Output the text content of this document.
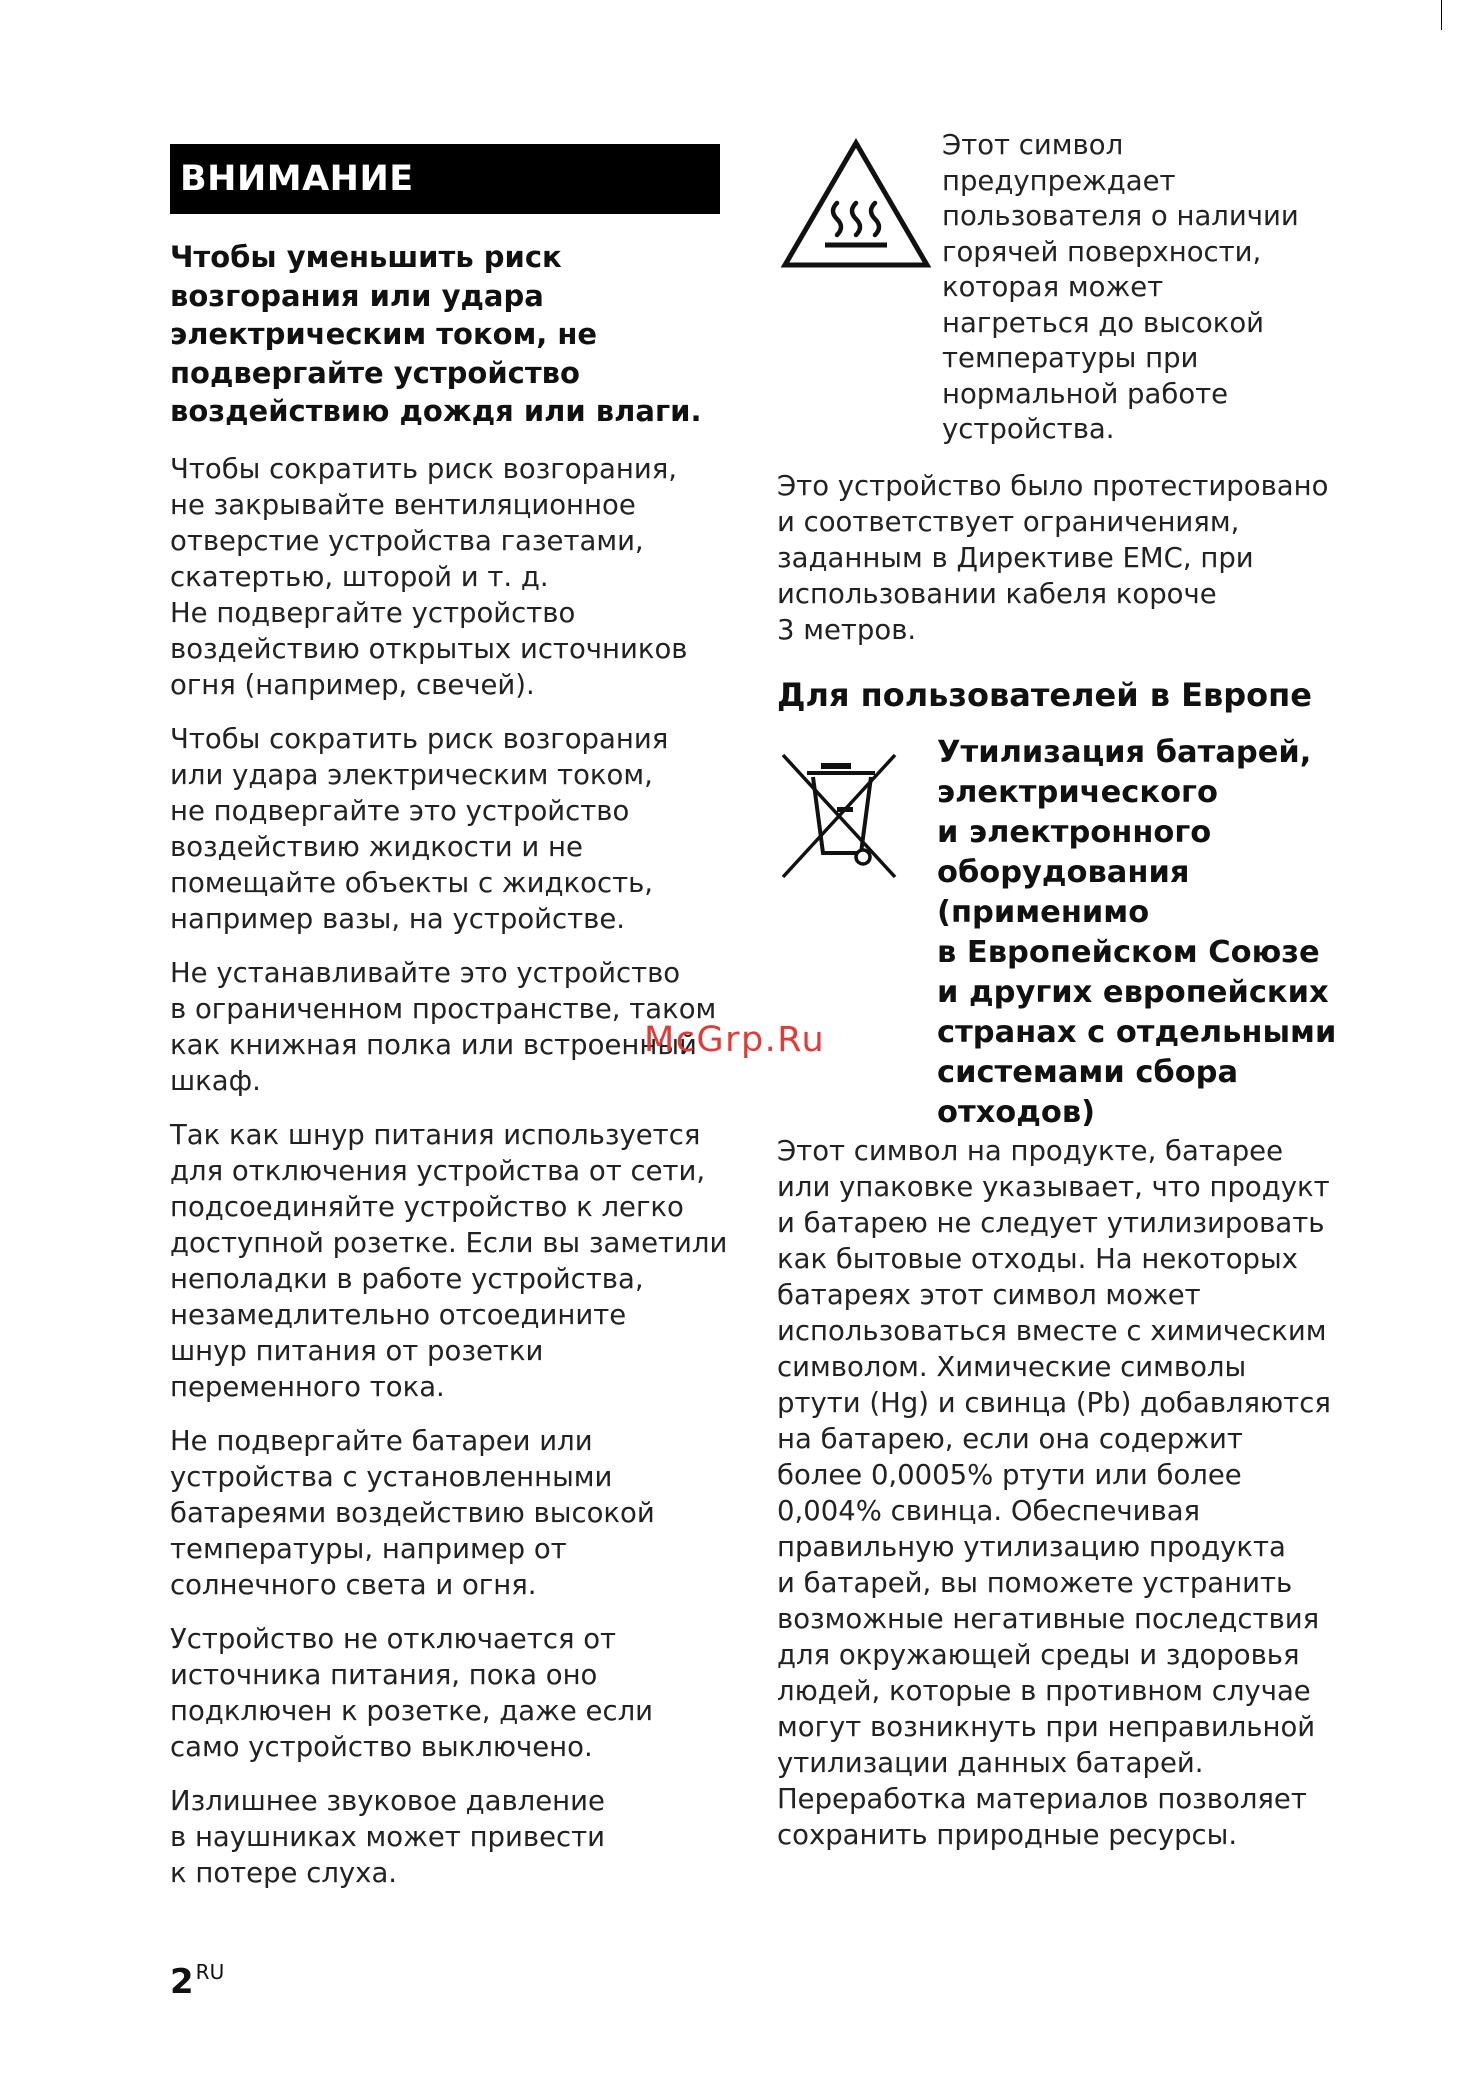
ВНИМАНИЕ
Чтобы уменьшить риск
возгорания или удара
электрическим током, не
подвергайте устройство
воздействию дождя или влаги.
Чтобы сократить риск возгорания,
не закрывайте вентиляционное
отверстие устройства газетами,
скатертью, шторой и т. д.
Не подвергайте устройство
воздействию открытых источников
огня (например, свечей).
Чтобы сократить риск возгорания
или удара электрическим током,
не подвергайте это устройство
воздействию жидкости и не
помещайте объекты с жидкость,
например вазы, на устройстве.
Не устанавливайте это устройство
в ограниченном пространстве, таком
как книжная полка или встроенный
шкаф.
Так как шнур питания используется
для отключения устройства от сети,
подсоединяйте устройство к легко
доступной розетке. Если вы заметили
неполадки в работе устройства,
незамедлительно отсоедините
шнур питания от розетки
переменного тока.
Не подвергайте батареи или
устройства с установленными
батареями воздействию высокой
температуры, например от
солнечного света и огня.
Устройство не отключается от
источника питания, пока оно
подключен к розетке, даже если
само устройство выключено.
Излишнее звуковое давление
в наушниках может привести
к потере слуха.
Этот символ
предупреждает
пользователя о наличии
горячей поверхности,
которая может
нагреться до высокой
температуры при
нормальной работе
устройства.
Это устройство было протестировано
и соответствует ограничениям,
заданным в Директиве EMC, при
использовании кабеля короче
3 метров.
Для пользователей в Европе
Утилизация батарей,
электрического
и электронного
оборудования
(применимо
в Европейском Союзе
и других европейских
странах с отдельными
системами сбора
отходов)
Этот символ на продукте, батарее
или упаковке указывает, что продукт
и батарею не следует утилизировать
как бытовые отходы. На некоторых
батареях этот символ может
использоваться вместе с химическим
символом. Химические символы
ртути (Hg) и свинца (Pb) добавляются
на батарею, если она содержит
более 0,0005% ртути или более
0,004% свинца. Обеспечивая
правильную утилизацию продукта
и батарей, вы поможете устранить
возможные негативные последствия
для окружающей среды и здоровья
людей, которые в противном случае
могут возникнуть при неправильной
утилизации данных батарей.
Переработка материалов позволяет
сохранить природные ресурсы.
McGrp.Ru
2 $^{RU}$
